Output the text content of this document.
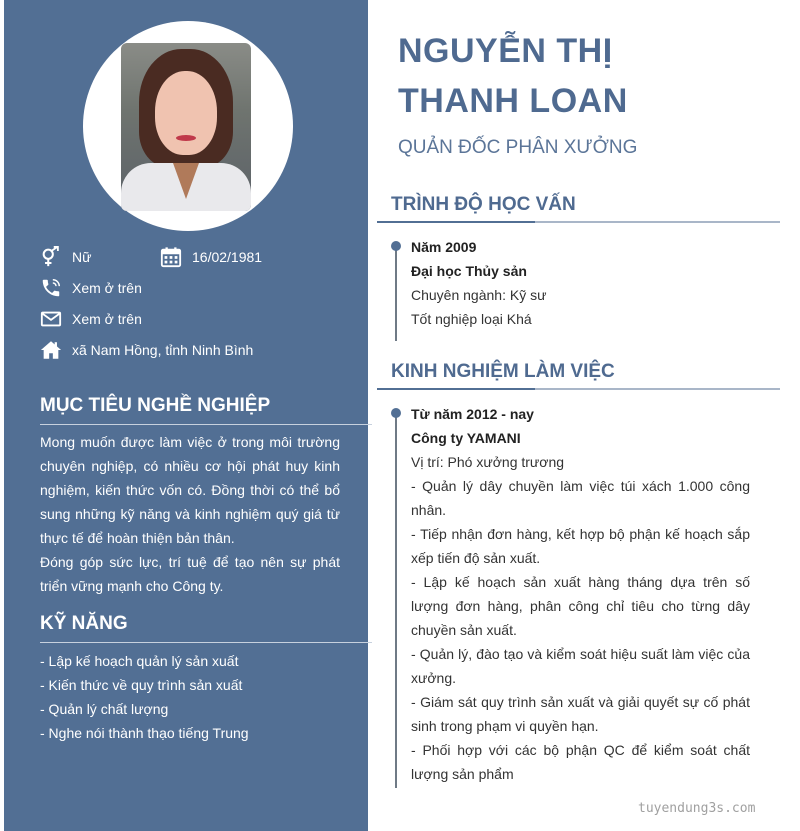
Nữ	16/02/1981
Xem ở trên
Xem ở trên
xã Nam Hồng, tỉnh Ninh Bình
MỤC TIÊU NGHỀ NGHIỆP
Mong muốn được làm việc ở trong môi trường chuyên nghiệp, có nhiều cơ hội phát huy kinh nghiệm, kiến thức vốn có. Đồng thời có thể bổ sung những kỹ năng và kinh nghiệm quý giá từ thực tế để hoàn thiện bản thân.
Đóng góp sức lực, trí tuệ để tạo nên sự phát triển vững mạnh cho Công ty.
KỸ NĂNG
- Lập kế hoạch quản lý sản xuất
- Kiến thức về quy trình sản xuất
- Quản lý chất lượng
- Nghe nói thành thạo tiếng Trung
NGUYỄN THỊ
THANH LOAN
QUẢN ĐỐC PHÂN XƯỞNG
TRÌNH ĐỘ HỌC VẤN
Năm 2009
Đại học Thủy sản
Chuyên ngành: Kỹ sư
Tốt nghiệp loại Khá
KINH NGHIỆM LÀM VIỆC
Từ năm 2012 - nay
Công ty YAMANI
Vị trí: Phó xưởng trương
- Quản lý dây chuyền làm việc túi xách 1.000 công nhân.
- Tiếp nhận đơn hàng, kết hợp bộ phận kế hoạch sắp xếp tiến độ sản xuất.
- Lập kế hoạch sản xuất hàng tháng dựa trên số lượng đơn hàng, phân công chỉ tiêu cho từng dây chuyền sản xuất.
- Quản lý, đào tạo và kiểm soát hiệu suất làm việc của xưởng.
- Giám sát quy trình sản xuất và giải quyết sự cố phát sinh trong phạm vi quyền hạn.
- Phối hợp với các bộ phận QC để kiểm soát chất lượng sản phẩm
tuyendung3s.com
